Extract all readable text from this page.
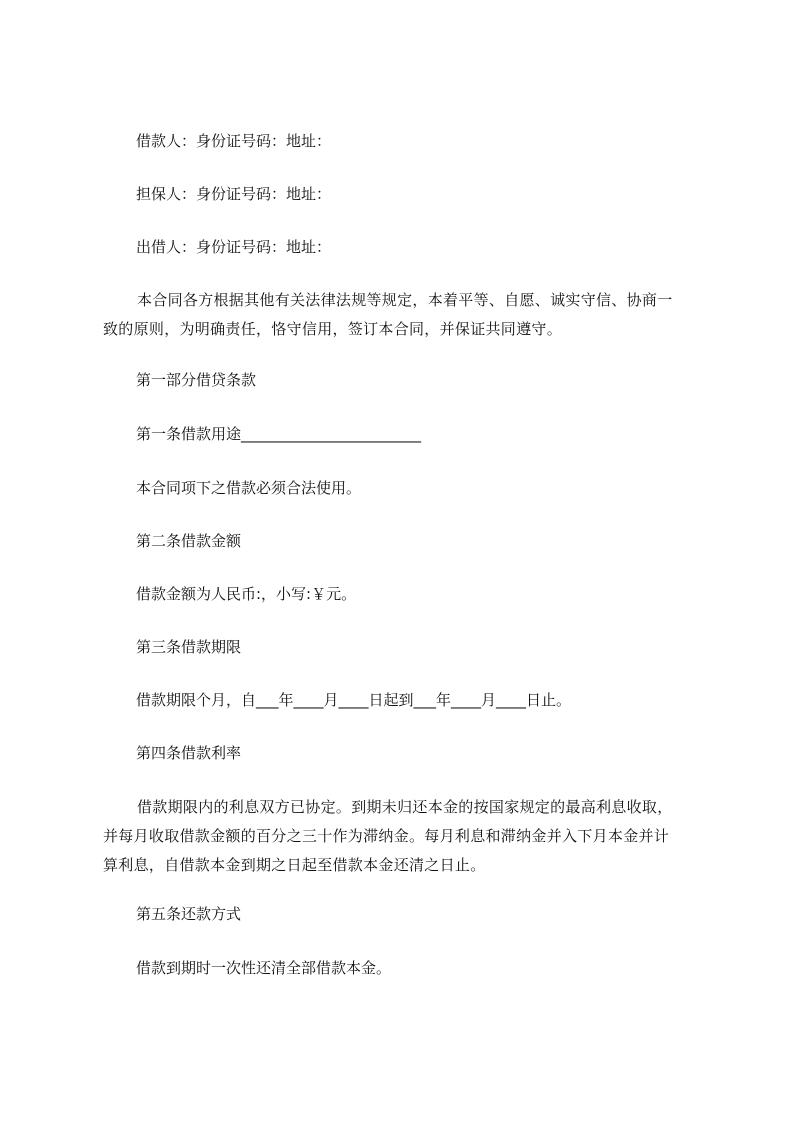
借款人：身份证号码：地址：

担保人：身份证号码：地址：

出借人：身份证号码：地址：

本合同各方根据其他有关法律法规等规定，本着平等、自愿、诚实守信、协商一
致的原则，为明确责任，恪守信用，签订本合同，并保证共同遵守。

第一部分借贷条款

第一条借款用途________________________

本合同项下之借款必须合法使用。

第二条借款金额

借款金额为人民币:，小写:￥元。

第三条借款期限

借款期限个月，自___年____月____日起到___年____月____日止。

第四条借款利率

借款期限内的利息双方已协定。到期未归还本金的按国家规定的最高利息收取，
并每月收取借款金额的百分之三十作为滞纳金。每月利息和滞纳金并入下月本金并计
算利息，自借款本金到期之日起至借款本金还清之日止。

第五条还款方式

借款到期时一次性还清全部借款本金。
